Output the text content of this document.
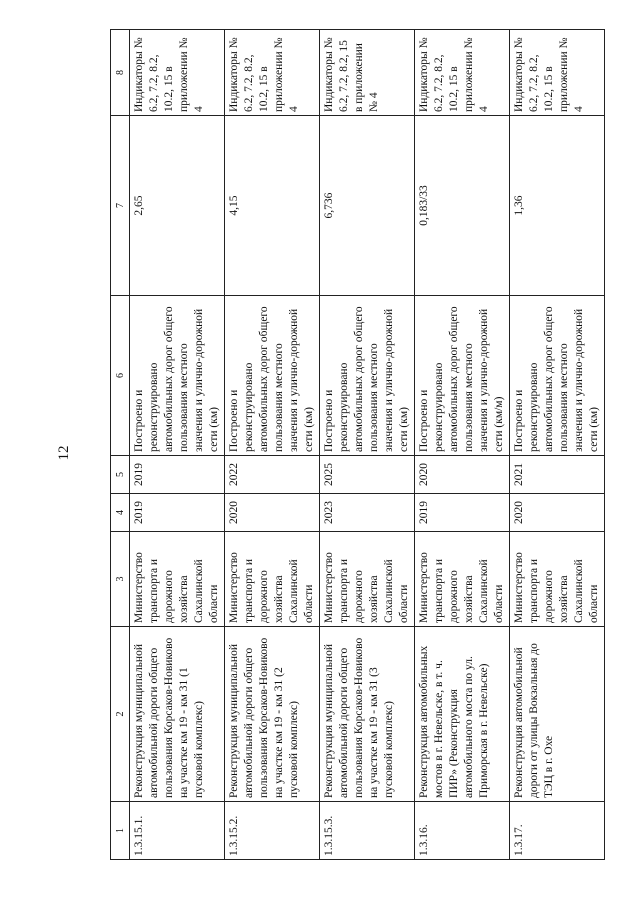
12
1	2	3	4	5	6	7	8
1.3.15.1.	Реконструкция муниципальной автомобильной дороги общего пользования Корсаков-Новиково на участке км 19 - км 31 (1 пусковой комплекс)	Министерство транспорта и дорожного хозяйства Сахалинской области	2019	2019	Построено и реконструировано автомобильных дорог общего пользования местного значения и улично-дорожной сети (км)	2,65	Индикаторы № 6.2, 7.2, 8.2, 10.2, 15 в приложении № 4
1.3.15.2.	Реконструкция муниципальной автомобильной дороги общего пользования Корсаков-Новиково на участке км 19 - км 31 (2 пусковой комплекс)	Министерство транспорта и дорожного хозяйства Сахалинской области	2020	2022	Построено и реконструировано автомобильных дорог общего пользования местного значения и улично-дорожной сети (км)	4,15	Индикаторы № 6.2, 7.2, 8.2, 10.2, 15 в приложении № 4
1.3.15.3.	Реконструкция муниципальной автомобильной дороги общего пользования Корсаков-Новиково на участке км 19 - км 31 (3 пусковой комплекс)	Министерство транспорта и дорожного хозяйства Сахалинской области	2023	2025	Построено и реконструировано автомобильных дорог общего пользования местного значения и улично-дорожной сети (км)	6,736	Индикаторы № 6.2, 7.2, 8.2, 15 в приложении № 4
1.3.16.	Реконструкция автомобильных мостов в г. Невельске, в т. ч. ПИР» (Реконструкция автомобильного моста по ул. Приморская в г. Невельске)	Министерство транспорта и дорожного хозяйства Сахалинской области	2019	2020	Построено и реконструировано автомобильных дорог общего пользования местного значения и улично-дорожной сети (км/м)	0,183/33	Индикаторы № 6.2, 7.2, 8.2, 10.2, 15 в приложении № 4
1.3.17.	Реконструкция автомобильной дороги от улицы Вокзальная до ТЭЦ в г. Охе	Министерство транспорта и дорожного хозяйства Сахалинской области	2020	2021	Построено и реконструировано автомобильных дорог общего пользования местного значения и улично-дорожной сети (км)	1,36	Индикаторы № 6.2, 7.2, 8.2, 10.2, 15 в приложении № 4
